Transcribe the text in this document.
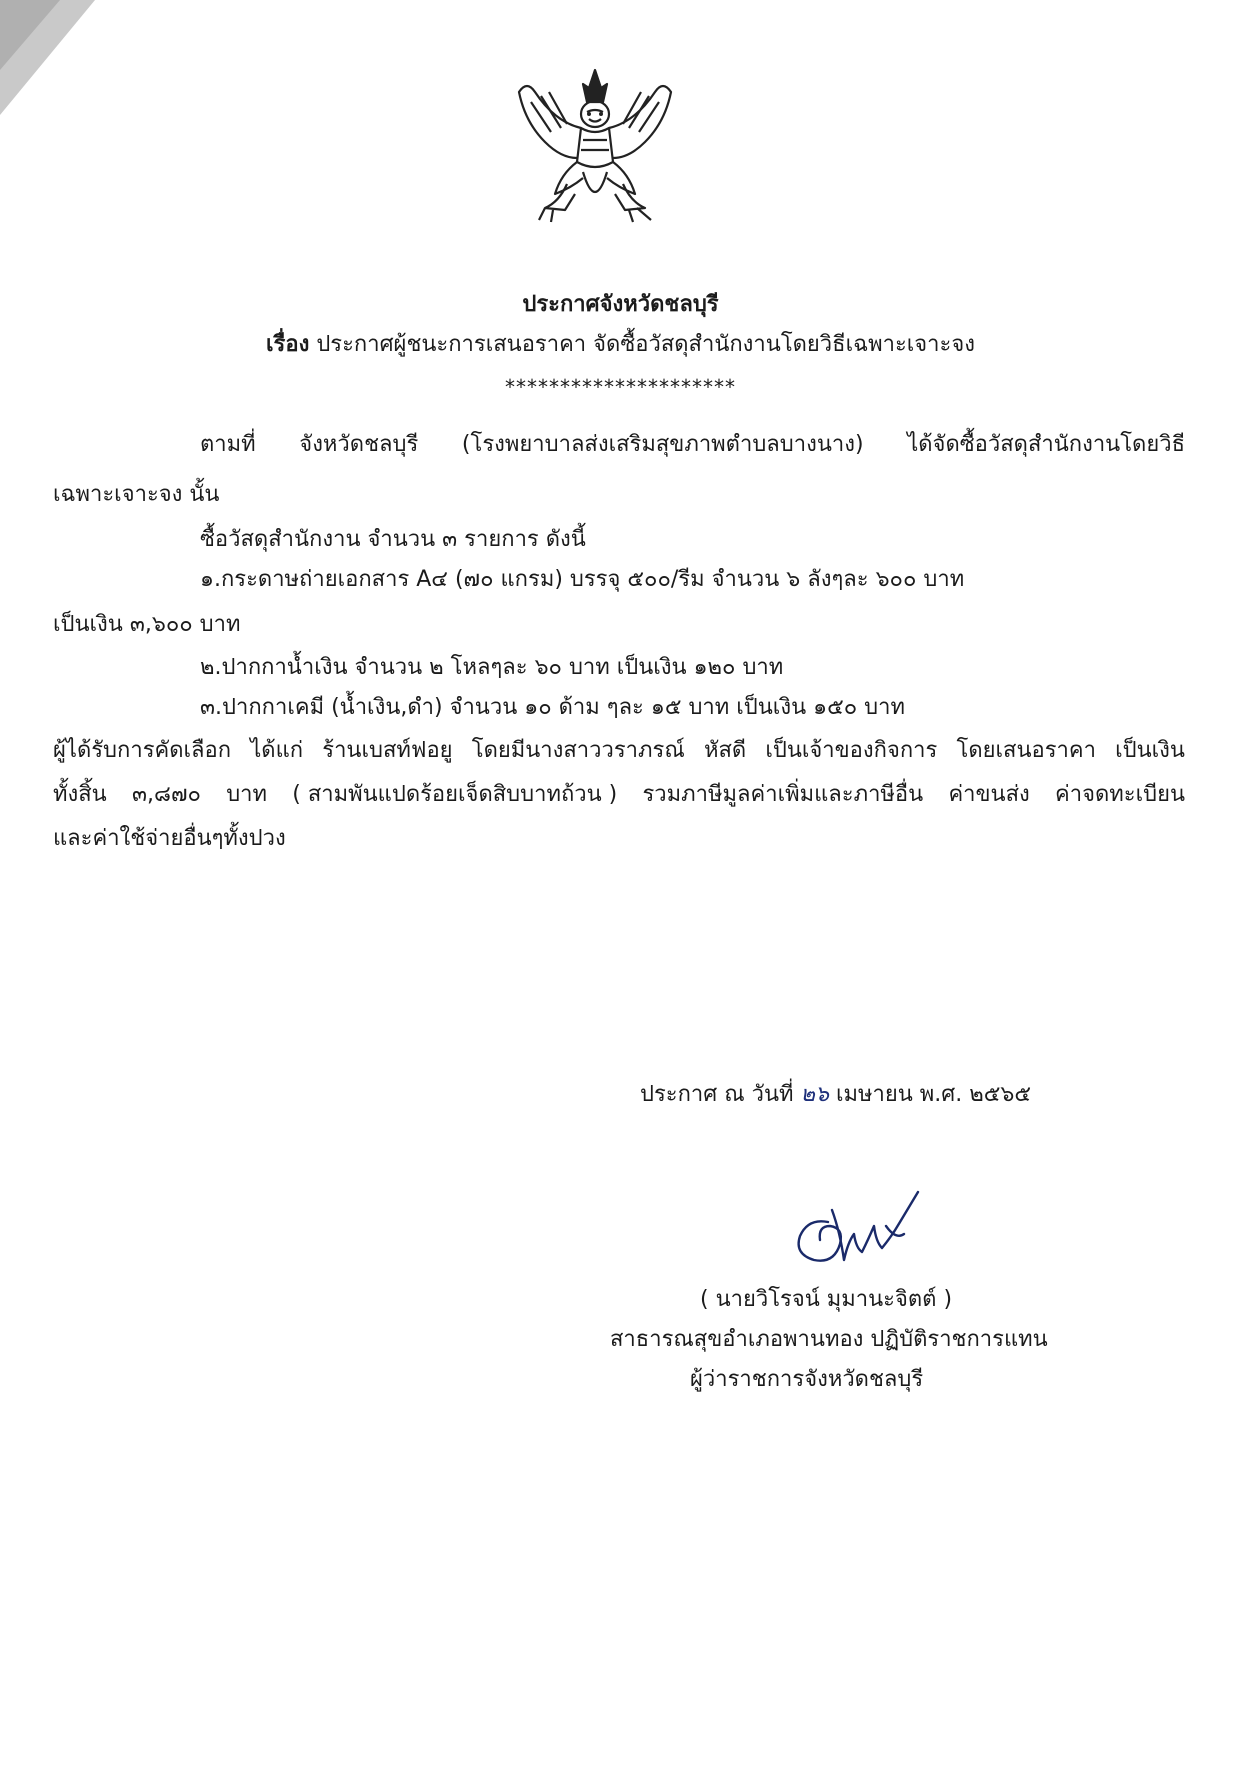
ประกาศจังหวัดชลบุรี
เรื่อง ประกาศผู้ชนะการเสนอราคา จัดซื้อวัสดุสำนักงานโดยวิธีเฉพาะเจาะจง
*********************
ตามที่ จังหวัดชลบุรี (โรงพยาบาลส่งเสริมสุขภาพตำบลบางนาง) ได้จัดซื้อวัสดุสำนักงานโดยวิธี
เฉพาะเจาะจง นั้น
ซื้อวัสดุสำนักงาน จำนวน ๓ รายการ ดังนี้
๑.กระดาษถ่ายเอกสาร A๔ (๗๐ แกรม) บรรจุ ๕๐๐/รีม จำนวน ๖ ลังๆละ ๖๐๐ บาท
เป็นเงิน ๓,๖๐๐ บาท
๒.ปากกาน้ำเงิน จำนวน ๒ โหลๆละ ๖๐ บาท เป็นเงิน ๑๒๐ บาท
๓.ปากกาเคมี (น้ำเงิน,ดำ) จำนวน ๑๐ ด้าม ๆละ ๑๕ บาท เป็นเงิน ๑๕๐ บาท
ผู้ได้รับการคัดเลือก ได้แก่ ร้านเบสท์ฟอยู โดยมีนางสาววราภรณ์ หัสดี เป็นเจ้าของกิจการ โดยเสนอราคา เป็นเงิน
ทั้งสิ้น ๓,๘๗๐ บาท ( สามพันแปดร้อยเจ็ดสิบบาทถ้วน ) รวมภาษีมูลค่าเพิ่มและภาษีอื่น ค่าขนส่ง ค่าจดทะเบียน
และค่าใช้จ่ายอื่นๆทั้งปวง
ประกาศ ณ วันที่ ๒๖ เมษายน พ.ศ. ๒๕๖๕
( นายวิโรจน์ มุมานะจิตต์ )
สาธารณสุขอำเภอพานทอง ปฏิบัติราชการแทน
ผู้ว่าราชการจังหวัดชลบุรี
